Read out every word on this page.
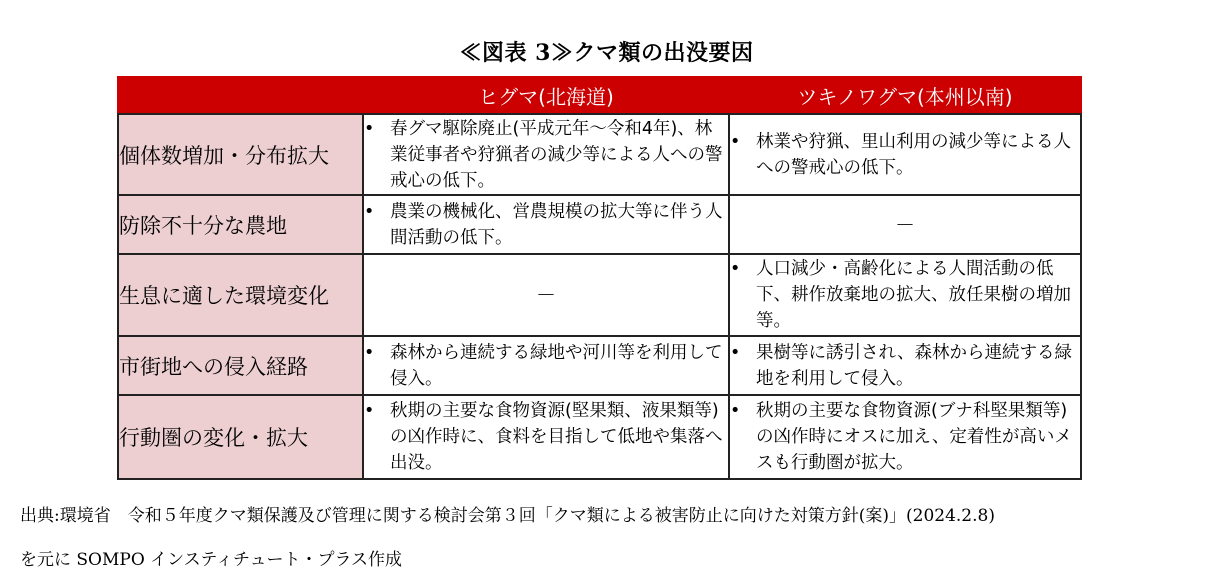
≪図表 3≫クマ類の出没要因
	ヒグマ(北海道)	ツキノワグマ(本州以南)
個体数増加・分布拡大	• 春グマ駆除廃止(平成元年～令和4年)、林業従事者や狩猟者の減少等による人への警戒心の低下。	• 林業や狩猟、里山利用の減少等による人への警戒心の低下。

防除不十分な農地	• 農業の機械化、営農規模の拡大等に伴う人間活動の低下。	－
生息に適した環境変化	－	• 人口減少・高齢化による人間活動の低下、耕作放棄地の拡大、放任果樹の増加等。

市街地への侵入経路	• 森林から連続する緑地や河川等を利用して侵入。	• 果樹等に誘引され、森林から連続する緑地を利用して侵入。

行動圏の変化・拡大	• 秋期の主要な食物資源(堅果類、液果類等)の凶作時に、食料を目指して低地や集落へ出没。	• 秋期の主要な食物資源(ブナ科堅果類等)の凶作時にオスに加え、定着性が高いメスも行動圏が拡大。
出典:環境省　令和５年度クマ類保護及び管理に関する検討会第３回「クマ類による被害防止に向けた対策方針(案)」(2024.2.8)
を元に SOMPO インスティチュート・プラス作成
